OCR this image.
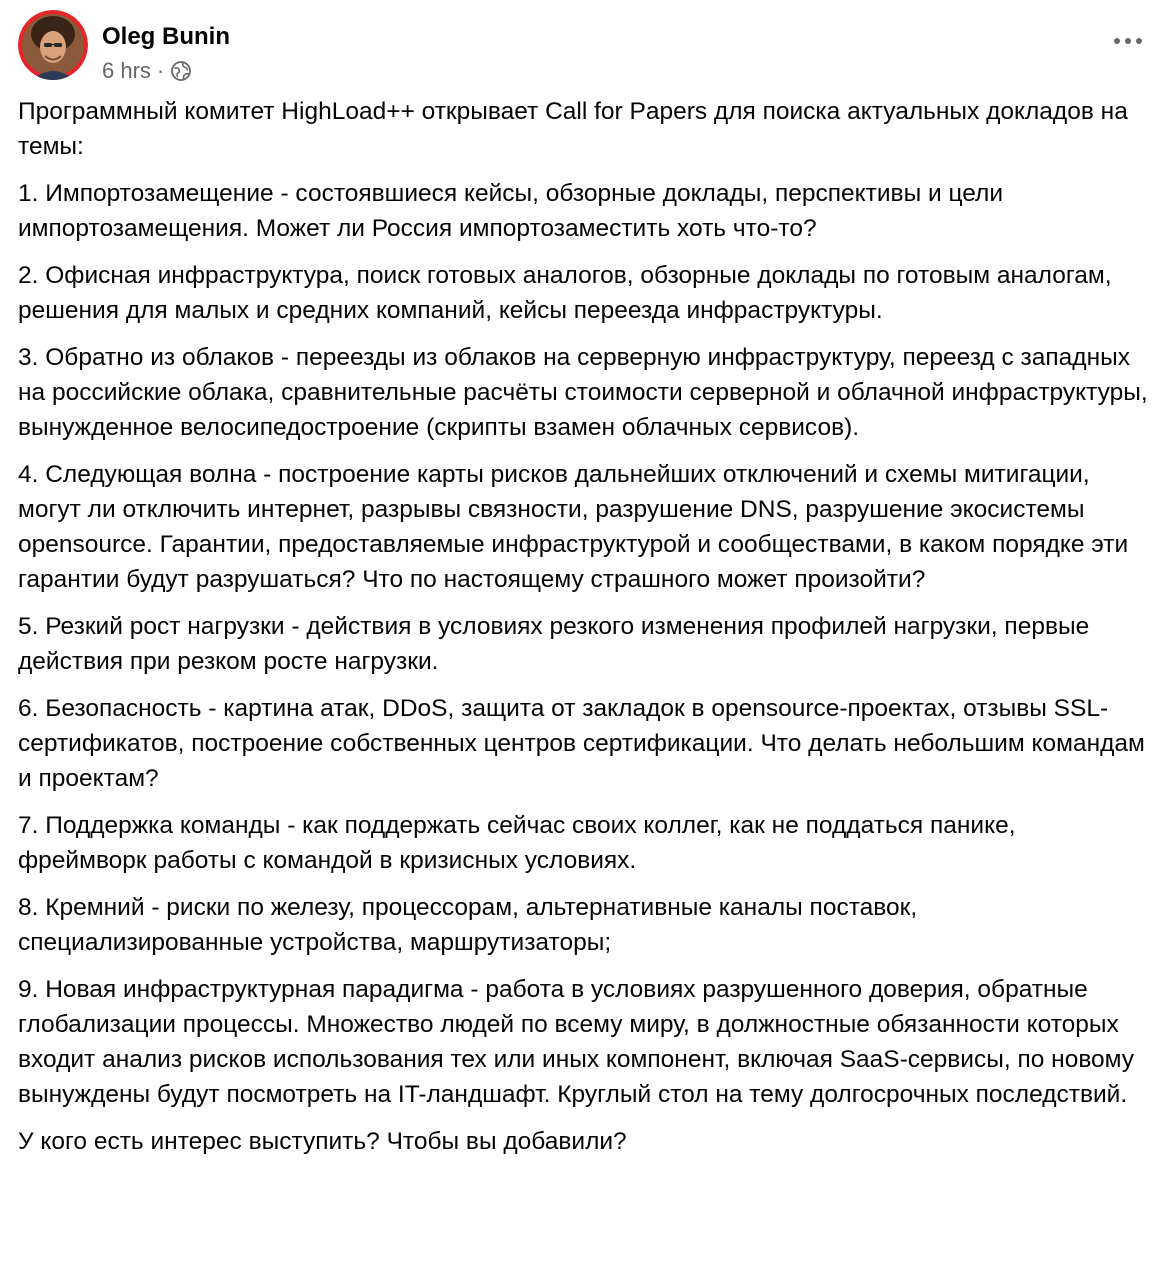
Oleg Bunin
6 hrs ·

Программный комитет HighLoad++ открывает Call for Papers для поиска актуальных докладов на темы:

1. Импортозамещение - состоявшиеся кейсы, обзорные доклады, перспективы и цели импортозамещения. Может ли Россия импортозаместить хоть что-то?

2. Офисная инфраструктура, поиск готовых аналогов, обзорные доклады по готовым аналогам, решения для малых и средних компаний, кейсы переезда инфраструктуры.

3. Обратно из облаков - переезды из облаков на серверную инфраструктуру, переезд с западных на российские облака, сравнительные расчёты стоимости серверной и облачной инфраструктуры, вынужденное велосипедостроение (скрипты взамен облачных сервисов).

4. Следующая волна - построение карты рисков дальнейших отключений и схемы митигации, могут ли отключить интернет, разрывы связности, разрушение DNS, разрушение экосистемы opensource. Гарантии, предоставляемые инфраструктурой и сообществами, в каком порядке эти гарантии будут разрушаться? Что по настоящему страшного может произойти?

5. Резкий рост нагрузки - действия в условиях резкого изменения профилей нагрузки, первые действия при резком росте нагрузки.

6. Безопасность - картина атак, DDoS, защита от закладок в opensource-проектах, отзывы SSL-сертификатов, построение собственных центров сертификации. Что делать небольшим командам и проектам?

7. Поддержка команды - как поддержать сейчас своих коллег, как не поддаться панике, фреймворк работы с командой в кризисных условиях.

8. Кремний - риски по железу, процессорам, альтернативные каналы поставок, специализированные устройства, маршрутизаторы;

9. Новая инфраструктурная парадигма - работа в условиях разрушенного доверия, обратные глобализации процессы. Множество людей по всему миру, в должностные обязанности которых входит анализ рисков использования тех или иных компонент, включая SaaS-сервисы, по новому вынуждены будут посмотреть на IT-ландшафт. Круглый стол на тему долгосрочных последствий.

У кого есть интерес выступить? Чтобы вы добавили?
